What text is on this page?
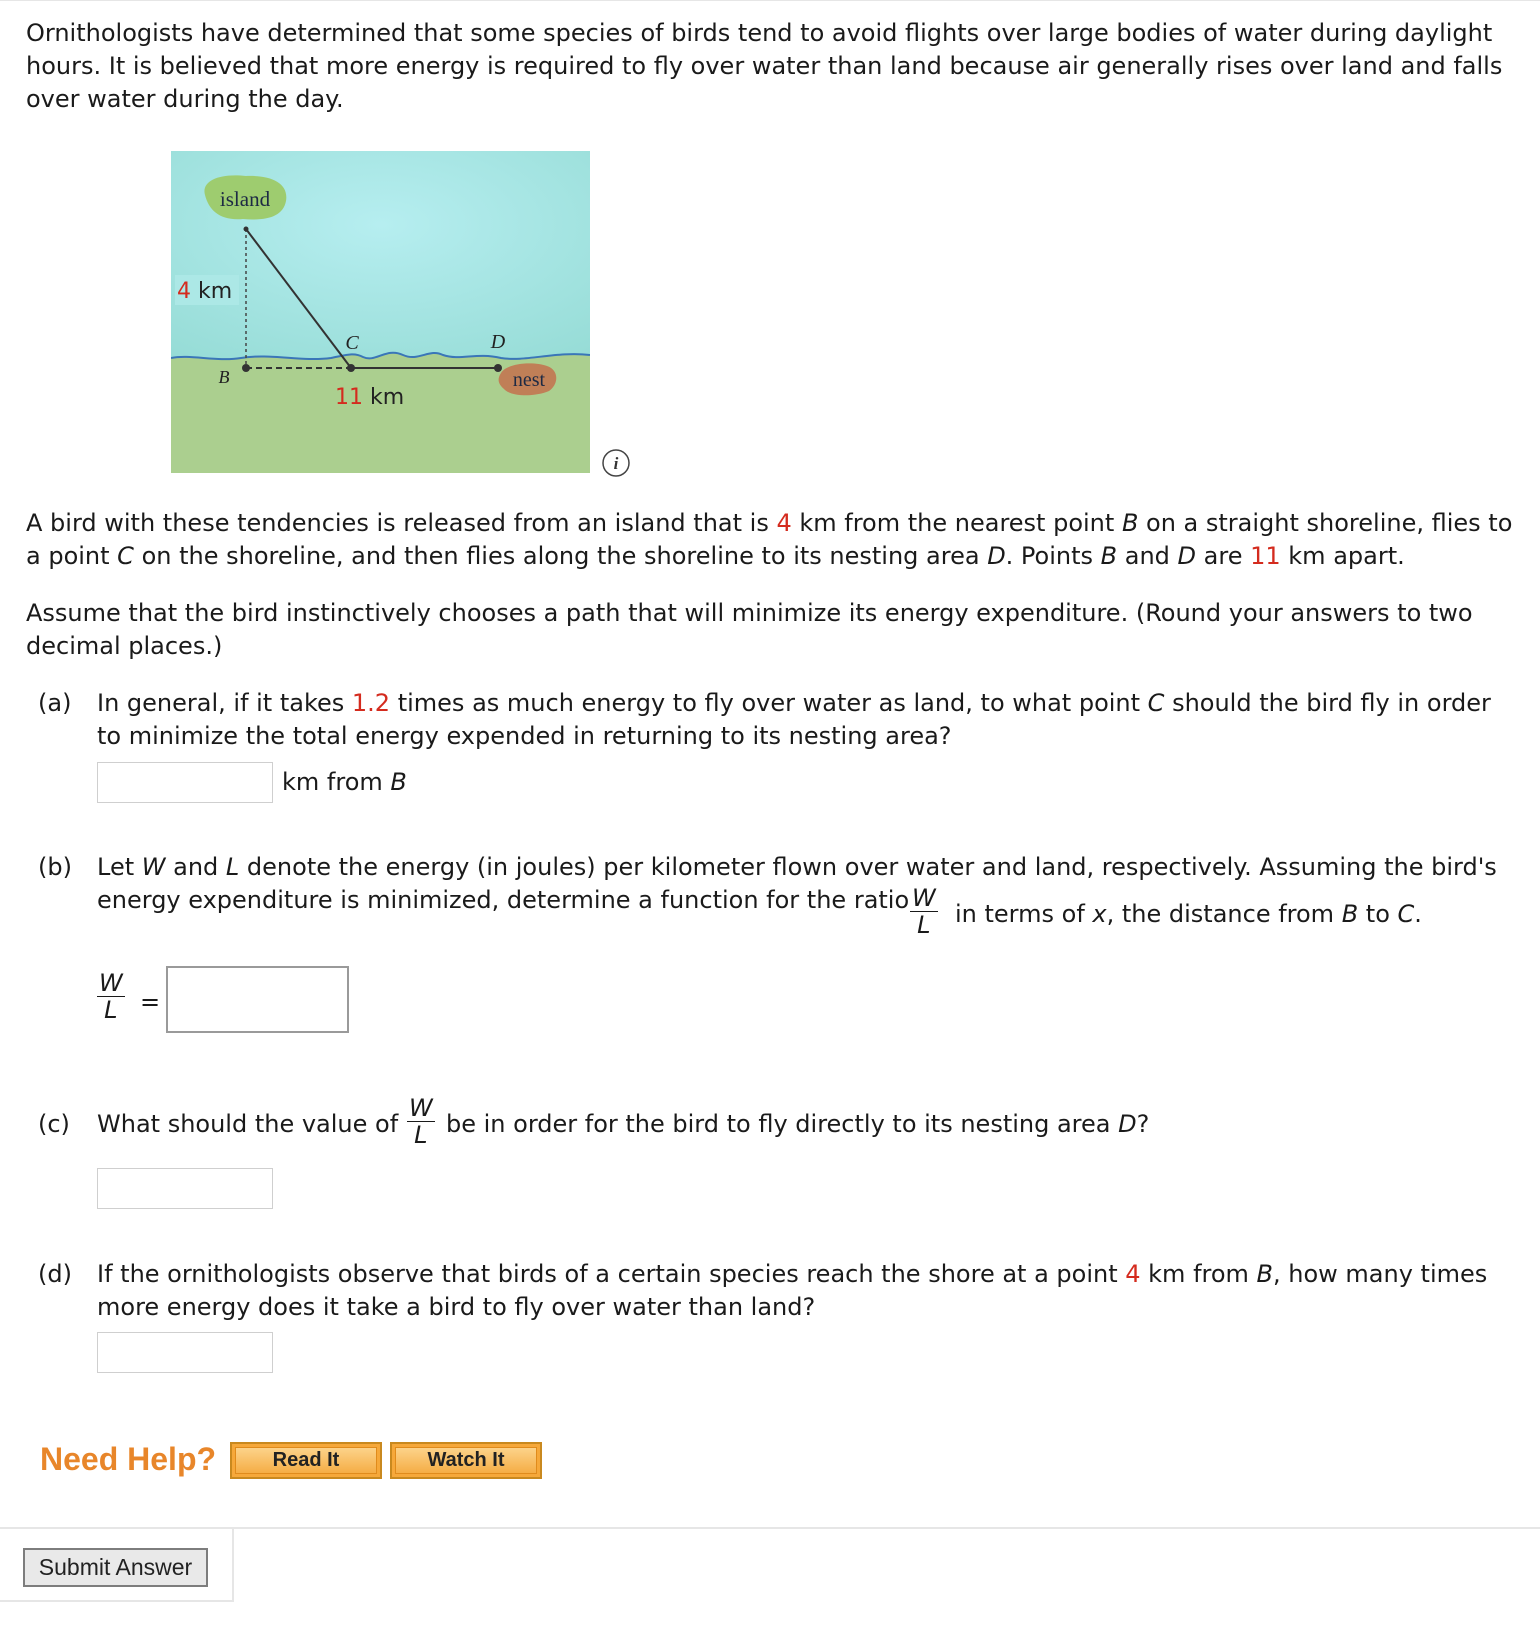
Ornithologists have determined that some species of birds tend to avoid flights over large bodies of water during daylight hours. It is believed that more energy is required to fly over water than land because air generally rises over land and falls over water during the day.

island
nest
B
C	D
4 km
11 km
i

A bird with these tendencies is released from an island that is 4 km from the nearest point B on a straight shoreline, flies to a point C on the shoreline, and then flies along the shoreline to its nesting area D. Points B and D are 11 km apart.

Assume that the bird instinctively chooses a path that will minimize its energy expenditure. (Round your answers to two decimal places.)

(a) In general, if it takes 1.2 times as much energy to fly over water as land, to what point C should the bird fly in order to minimize the total energy expended in returning to its nesting area?
km from B
(b) Let W and L denote the energy (in joules) per kilometer flown over water and land, respectively. Assuming the bird's energy expenditure is minimized, determine a function for the ratio $\frac{W}{L}$ in terms of x, the distance from B to C.
$\frac{W}{L}$ =
(c) What should the value of $\frac{W}{L}$ be in order for the bird to fly directly to its nesting area D?
(d) If the ornithologists observe that birds of a certain species reach the shore at a point 4 km from B, how many times more energy does it take a bird to fly over water than land?
Need Help?	Read It	Watch It
Submit Answer
